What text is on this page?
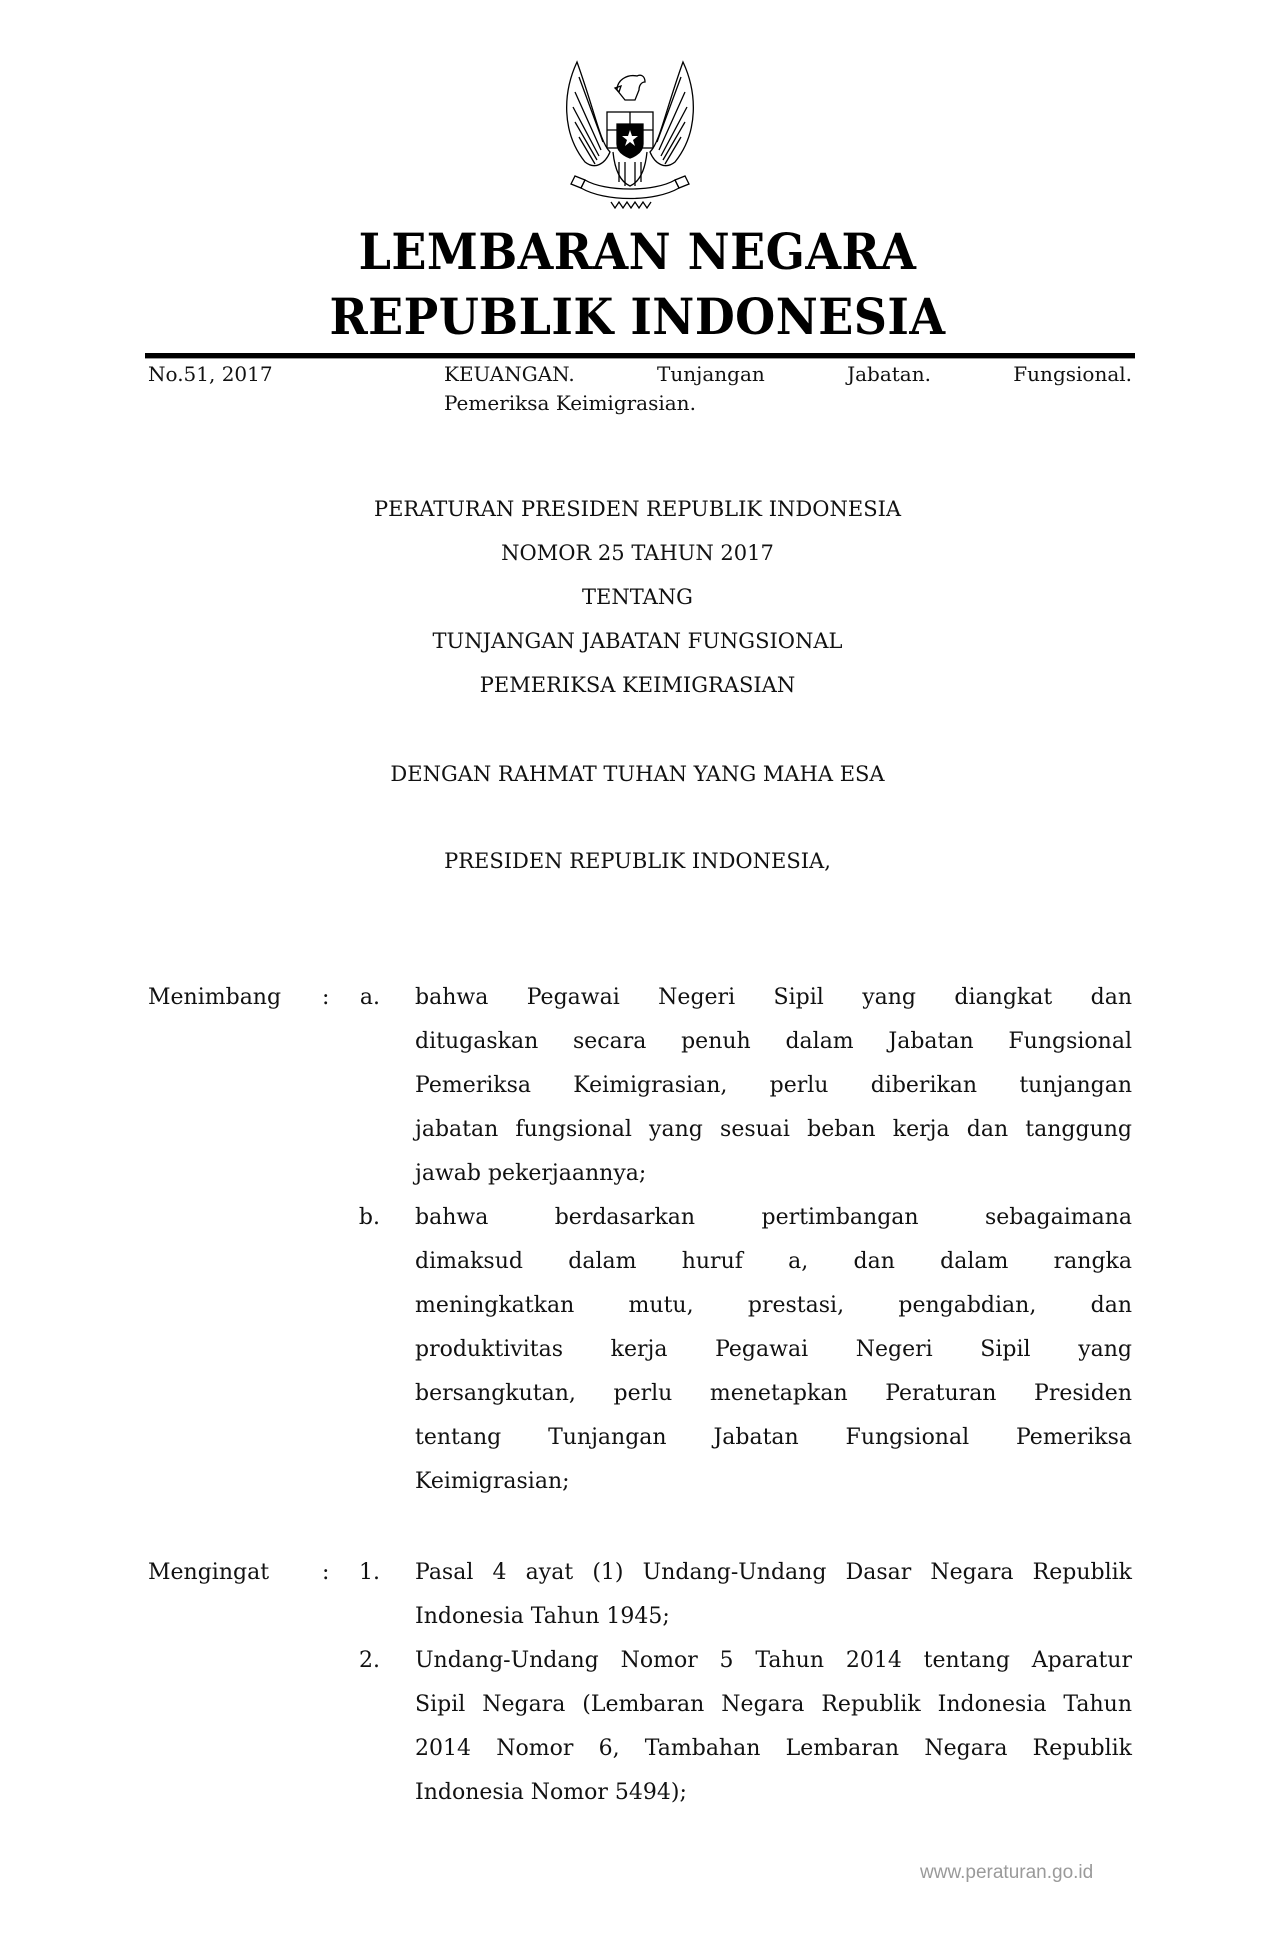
LEMBARAN NEGARA
REPUBLIK INDONESIA
No.51, 2017	KEUANGAN. Tunjangan Jabatan. Fungsional.
Pemeriksa Keimigrasian.
PERATURAN PRESIDEN REPUBLIK INDONESIA
NOMOR 25 TAHUN 2017
TENTANG
TUNJANGAN JABATAN FUNGSIONAL
PEMERIKSA KEIMIGRASIAN
DENGAN RAHMAT TUHAN YANG MAHA ESA
PRESIDEN REPUBLIK INDONESIA,
Menimbang :	a. bahwa Pegawai Negeri Sipil yang diangkat dan
ditugaskan secara penuh dalam Jabatan Fungsional
Pemeriksa Keimigrasian, perlu diberikan tunjangan
jabatan fungsional yang sesuai beban kerja dan tanggung
jawab pekerjaannya;
b. bahwa berdasarkan pertimbangan sebagaimana
dimaksud dalam huruf a, dan dalam rangka
meningkatkan mutu, prestasi, pengabdian, dan
produktivitas kerja Pegawai Negeri Sipil yang
bersangkutan, perlu menetapkan Peraturan Presiden
tentang Tunjangan Jabatan Fungsional Pemeriksa
Keimigrasian;
Mengingat :	1. Pasal 4 ayat (1) Undang-Undang Dasar Negara Republik
Indonesia Tahun 1945;
2. Undang-Undang Nomor 5 Tahun 2014 tentang Aparatur
Sipil Negara (Lembaran Negara Republik Indonesia Tahun
2014 Nomor 6, Tambahan Lembaran Negara Republik
Indonesia Nomor 5494);
www.peraturan.go.id
